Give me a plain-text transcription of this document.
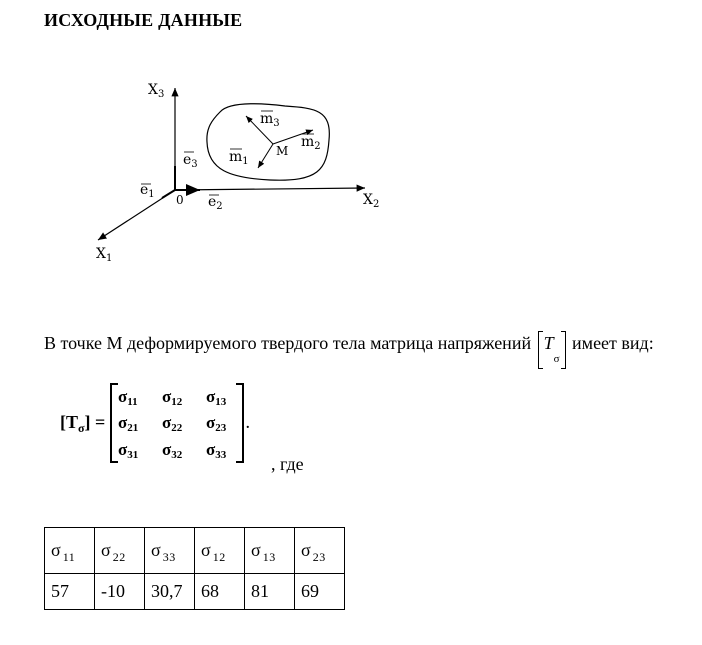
ИСХОДНЫЕ ДАННЫЕ
$X_3$
$X_2$
$X_1$
0
$e_1$	$e_2$
$e_3$
M
$m_1$
$m_2$
$m_3$
В точке М деформируемого твердого тела матрица напряжений $T_\sigma$ имеет вид:
$[T_\sigma]$ =	.
σ11 σ12 σ13
σ21 σ22 σ23
σ31 σ32 σ33 , где
σ $_{11}$	σ $_{22}$	σ $_{33}$	σ $_{12}$	σ $_{13}$	σ $_{23}$
57	-10	30,7	68	81	69
